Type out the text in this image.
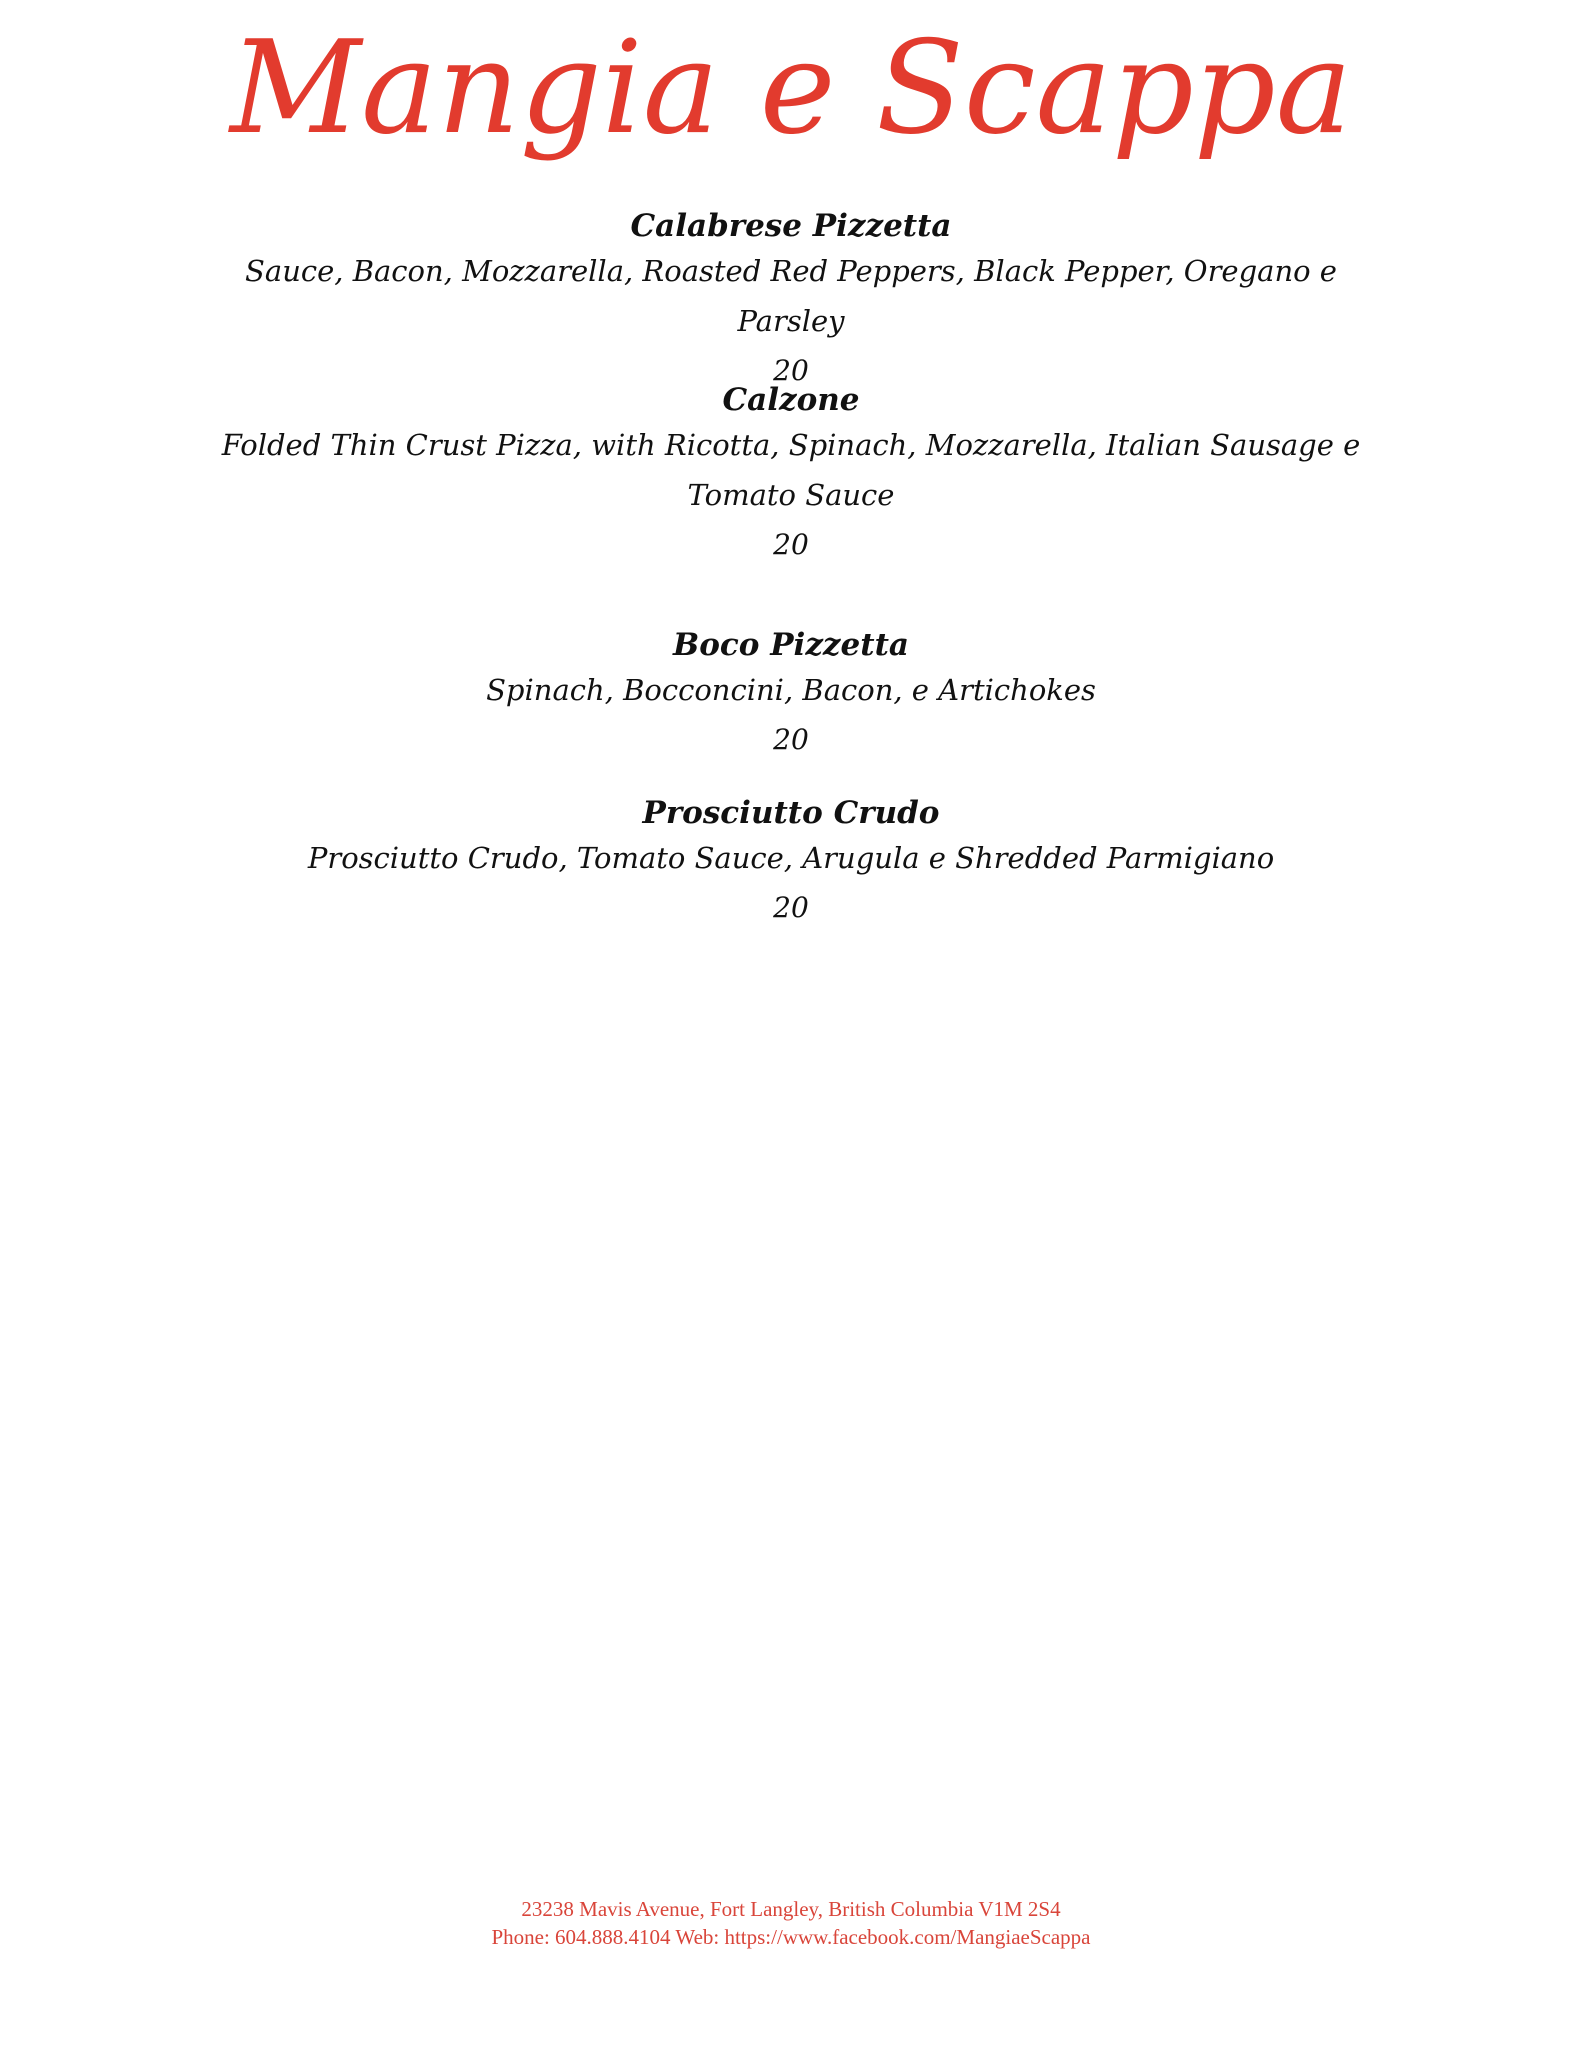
Mangia e Scappa
Calabrese Pizzetta
Sauce, Bacon, Mozzarella, Roasted Red Peppers, Black Pepper, Oregano e Parsley
20
Calzone
Folded Thin Crust Pizza, with Ricotta, Spinach, Mozzarella, Italian Sausage e Tomato Sauce
20
Boco Pizzetta
Spinach, Bocconcini, Bacon, e Artichokes
20
Prosciutto Crudo
Prosciutto Crudo, Tomato Sauce, Arugula e Shredded Parmigiano
20
23238 Mavis Avenue, Fort Langley, British Columbia V1M 2S4
Phone: 604.888.4104 Web: https://www.facebook.com/MangiaeScappa
